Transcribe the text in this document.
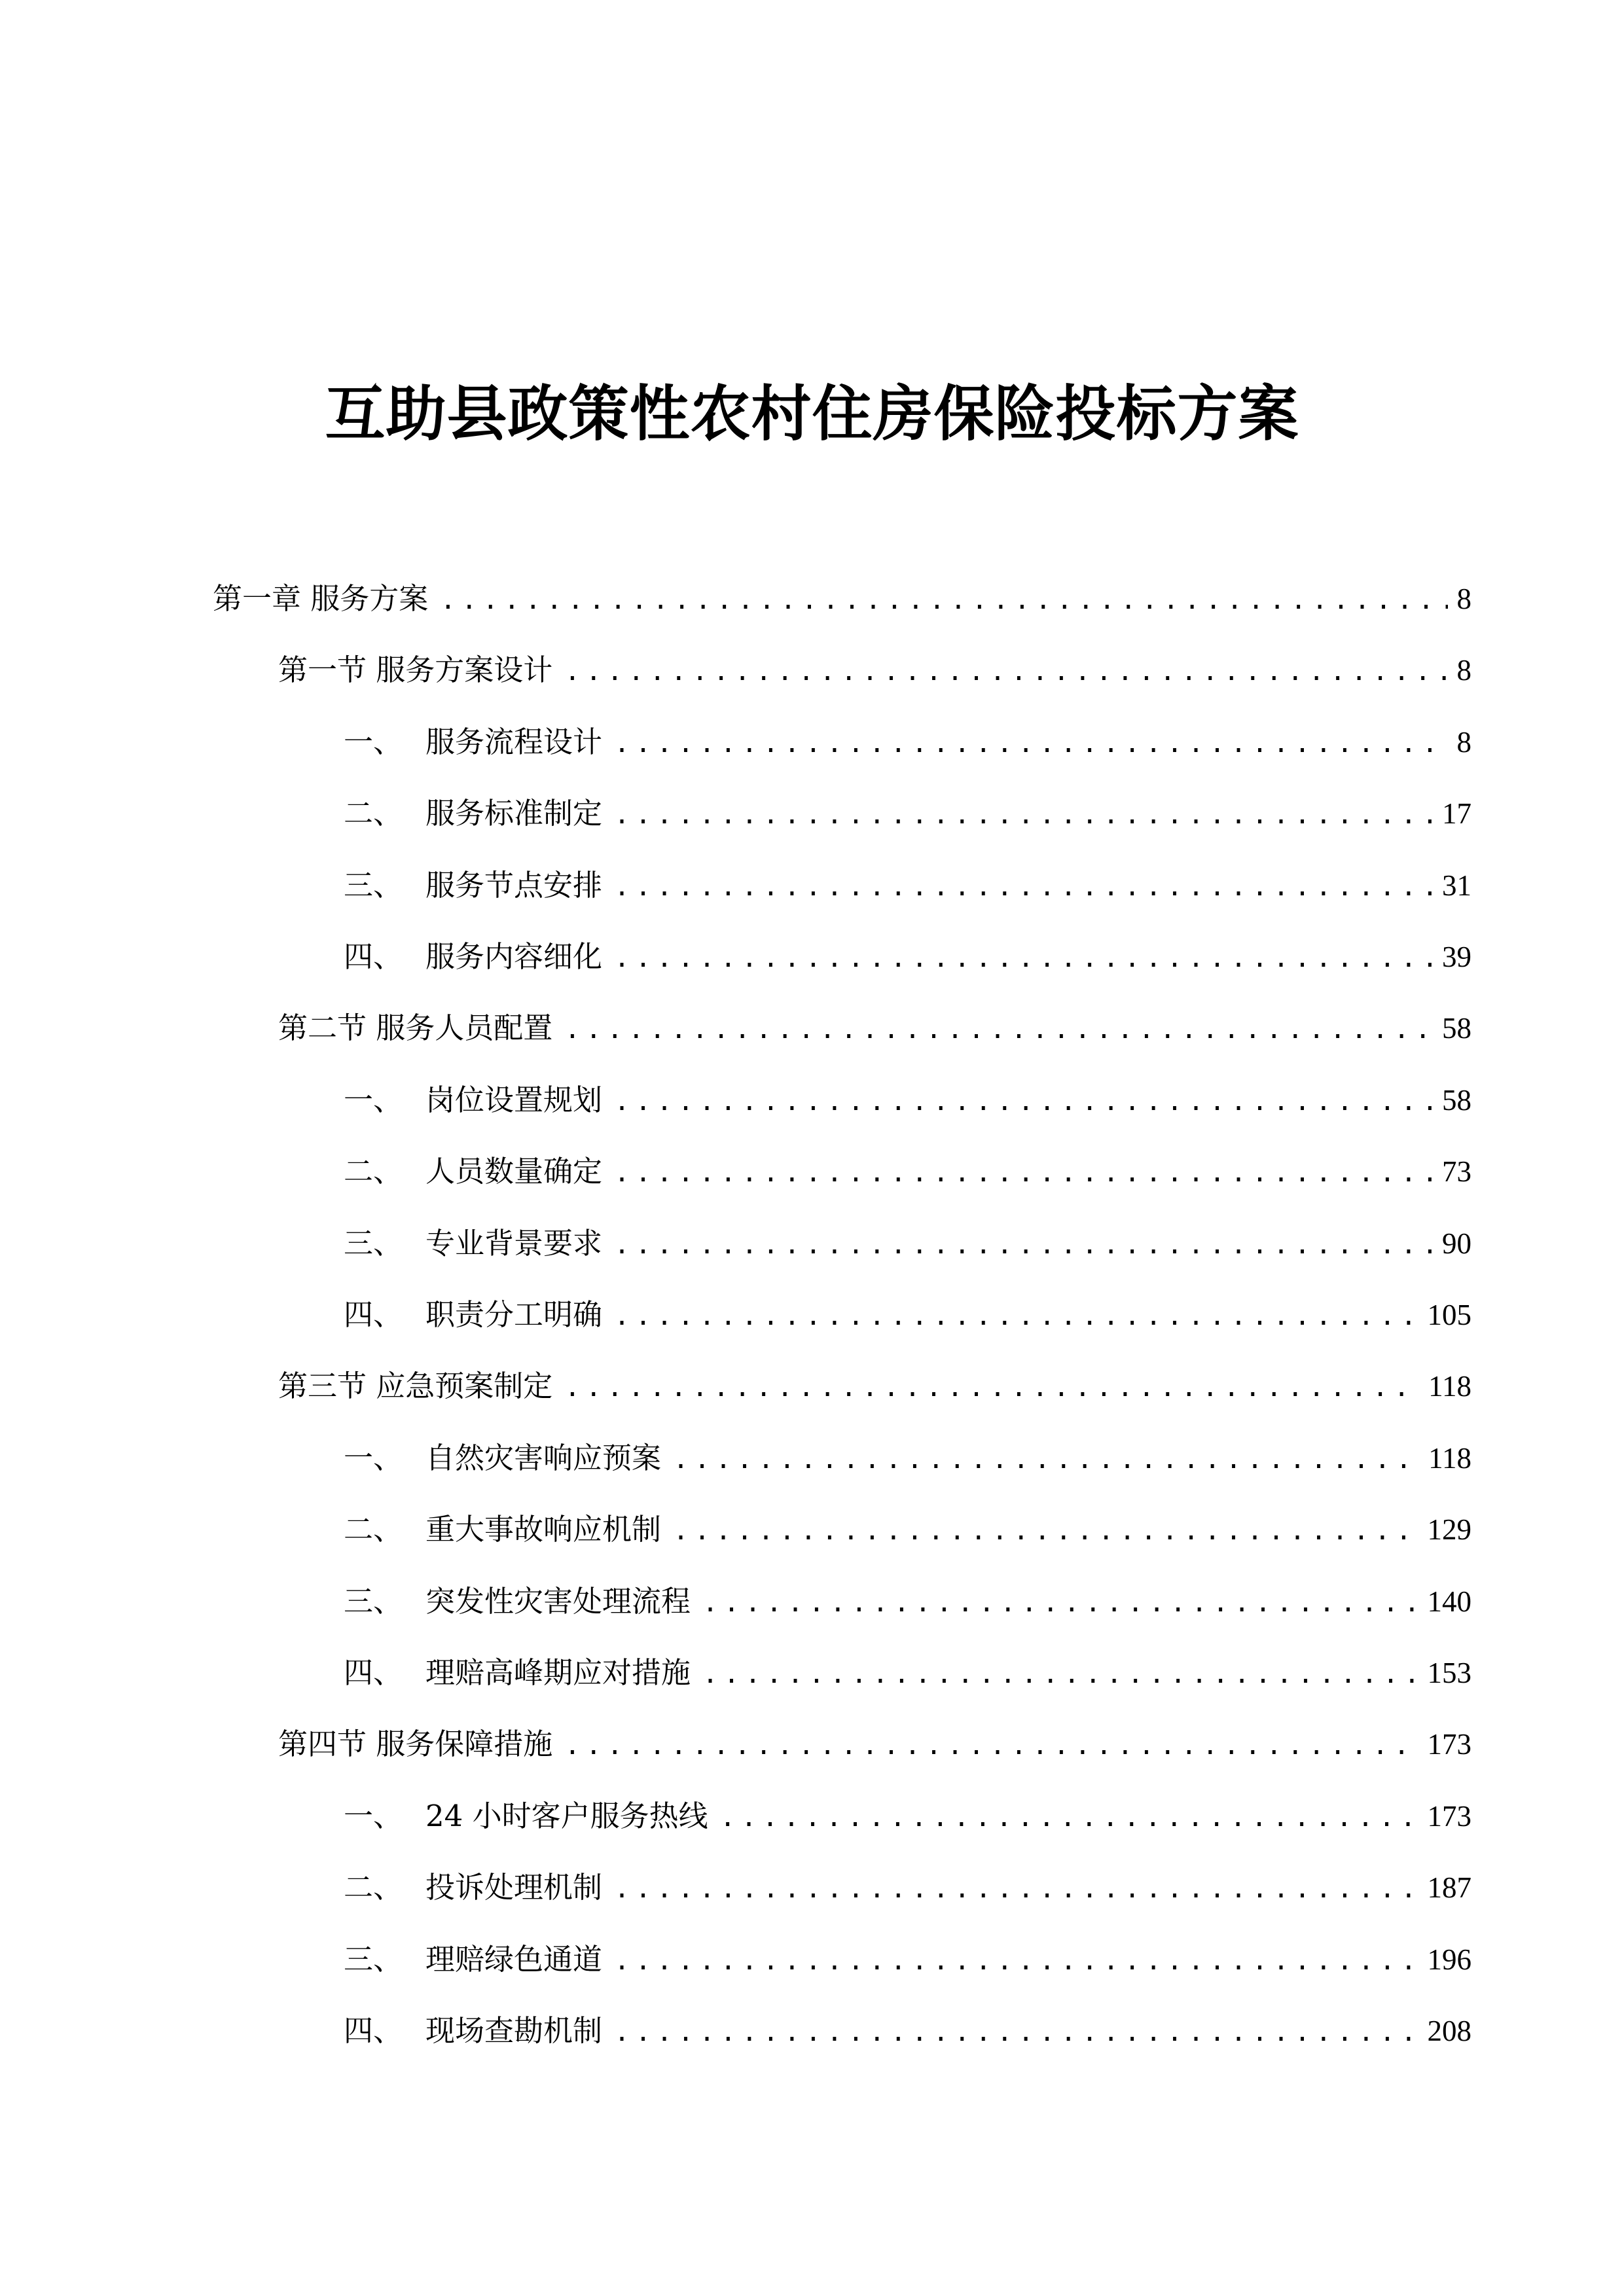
互助县政策性农村住房保险投标方案
第一章 服务方案 .....	8
第一节 服务方案设计 .....	8
一、 服务流程设计 .....	8
二、 服务标准制定 .....	17
三、 服务节点安排 .....	31
四、 服务内容细化 .....	39
第二节 服务人员配置 .....	58
一、 岗位设置规划 .....	58
二、 人员数量确定 .....	73
三、 专业背景要求 .....	90
四、 职责分工明确 .....	105
第三节 应急预案制定 .....	118
一、 自然灾害响应预案 .....	118
二、 重大事故响应机制 .....	129
三、 突发性灾害处理流程 .....	140
四、 理赔高峰期应对措施 .....	153
第四节 服务保障措施 .....	173
一、 24 小时客户服务热线 .....	173
二、 投诉处理机制 .....	187
三、 理赔绿色通道 .....	196
四、 现场查勘机制 .....	208
